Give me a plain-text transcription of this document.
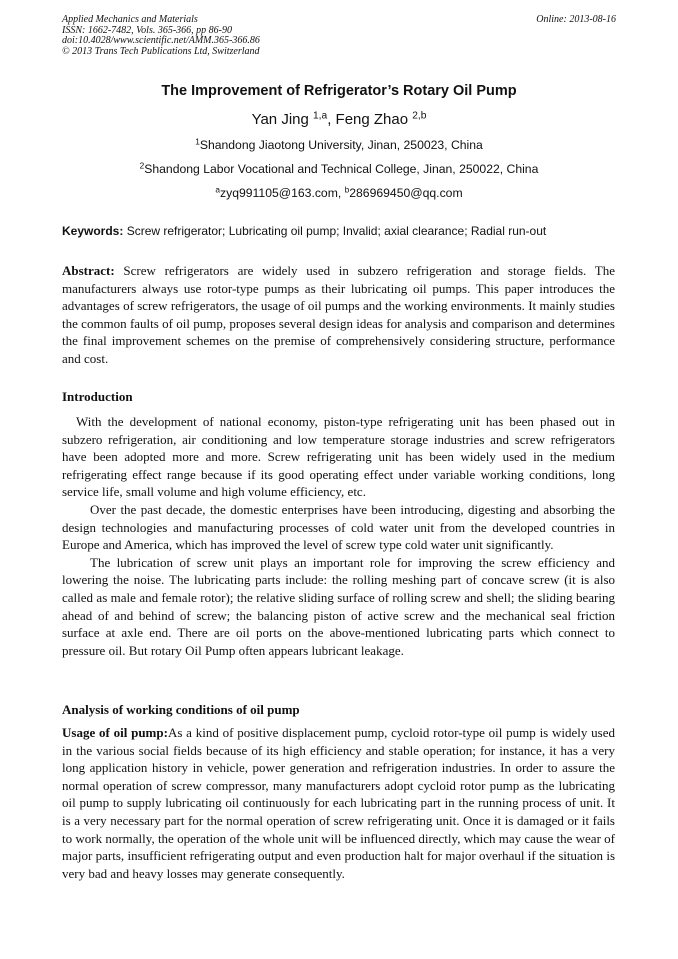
Applied Mechanics and Materials
ISSN: 1662-7482, Vols. 365-366, pp 86-90
doi:10.4028/www.scientific.net/AMM.365-366.86
© 2013 Trans Tech Publications Ltd, Switzerland
Online: 2013-08-16
The Improvement of Refrigerator’s Rotary Oil Pump
Yan Jing $^{1,a}$, Feng Zhao $^{2,b}$
$^1$Shandong Jiaotong University, Jinan, 250023, China
$^2$Shandong Labor Vocational and Technical College, Jinan, 250022, China
$^a$zyq991105@163.com, $^b$286969450@qq.com
Keywords: Screw refrigerator; Lubricating oil pump; Invalid; axial clearance; Radial run-out

Abstract: Screw refrigerators are widely used in subzero refrigeration and storage fields. The manufacturers always use rotor-type pumps as their lubricating oil pumps. This paper introduces the advantages of screw refrigerators, the usage of oil pumps and the working environments. It mainly studies the common faults of oil pump, proposes several design ideas for analysis and comparison and determines the final improvement schemes on the premise of comprehensively considering structure, performance and cost.

Introduction

With the development of national economy, piston-type refrigerating unit has been phased out in subzero refrigeration, air conditioning and low temperature storage industries and screw refrigerators have been adopted more and more. Screw refrigerating unit has been widely used in the medium refrigerating effect range because if its good operating effect under variable working conditions, long service life, small volume and high volume efficiency, etc.

Over the past decade, the domestic enterprises have been introducing, digesting and absorbing the design technologies and manufacturing processes of cold water unit from the developed countries in Europe and America, which has improved the level of screw type cold water unit significantly.

The lubrication of screw unit plays an important role for improving the screw efficiency and lowering the noise. The lubricating parts include: the rolling meshing part of concave screw (it is also called as male and female rotor); the relative sliding surface of rolling screw and shell; the sliding bearing ahead of and behind of screw; the balancing piston of active screw and the mechanical seal friction surface at axle end. There are oil ports on the above-mentioned lubricating parts which connect to pressure oil. But rotary Oil Pump often appears lubricant leakage.

Analysis of working conditions of oil pump

Usage of oil pump:As a kind of positive displacement pump, cycloid rotor-type oil pump is widely used in the various social fields because of its high efficiency and stable operation; for instance, it has a very long application history in vehicle, power generation and refrigeration industries. In order to assure the normal operation of screw compressor, many manufacturers adopt cycloid rotor pump as the lubricating oil pump to supply lubricating oil continuously for each lubricating part in the running process of unit. It is a very necessary part for the normal operation of screw refrigerating unit. Once it is damaged or it fails to work normally, the operation of the whole unit will be influenced directly, which may cause the wear of major parts, insufficient refrigerating output and even production halt for major overhaul if the situation is very bad and heavy losses may generate consequently.
